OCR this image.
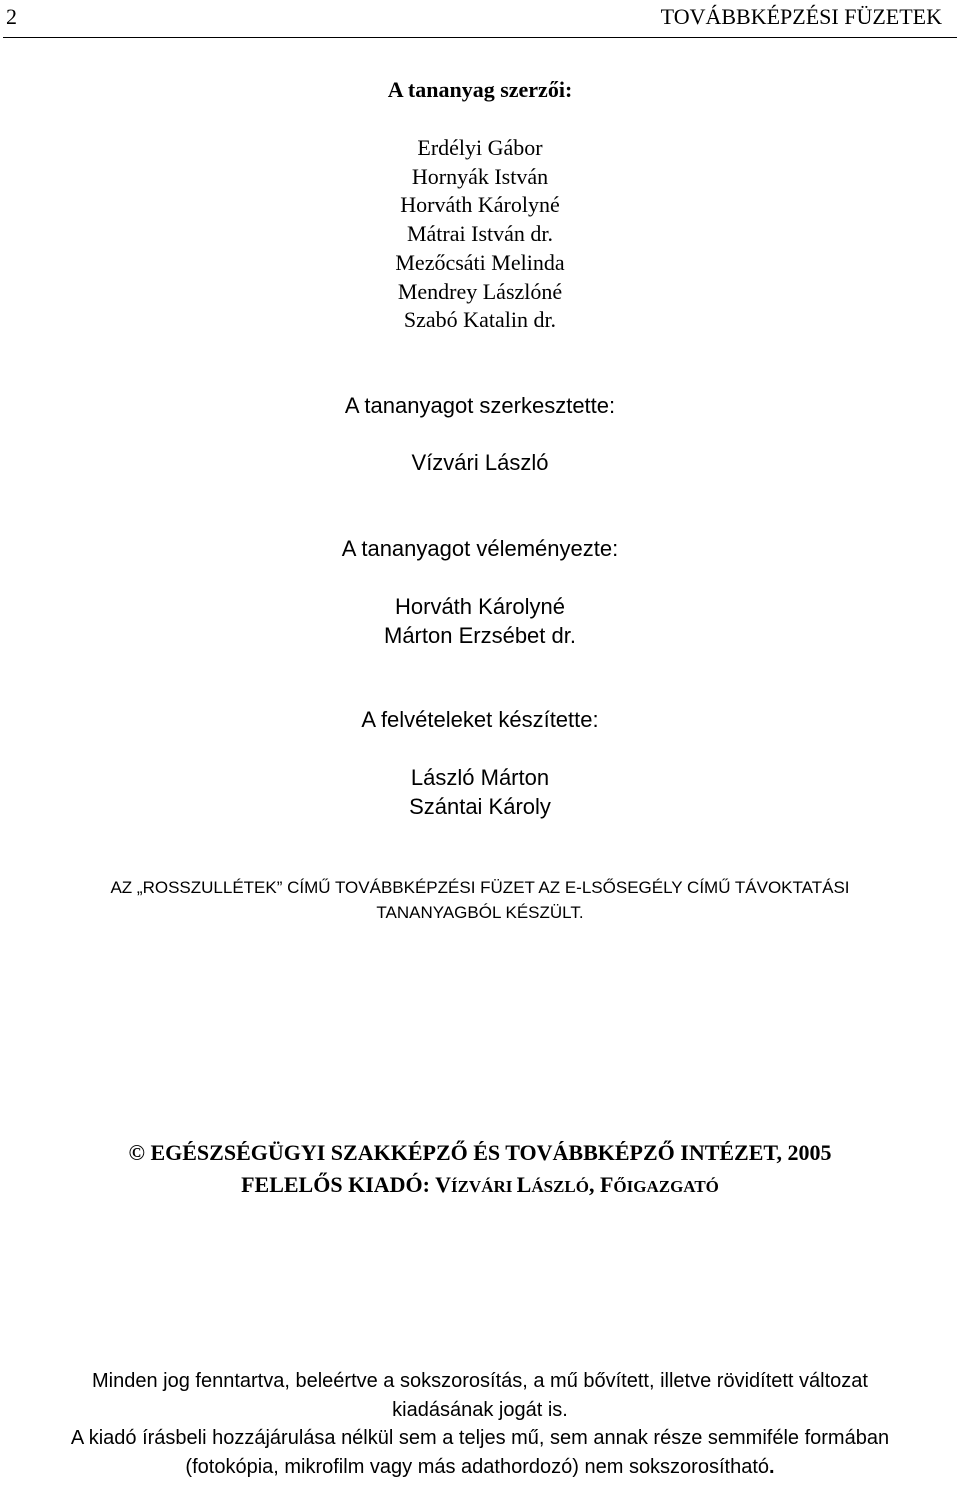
2	TOVÁBBKÉPZÉSI FÜZETEK
A tananyag szerzői:
Erdélyi Gábor
Hornyák István
Horváth Károlyné
Mátrai István dr.
Mezőcsáti Melinda
Mendrey Lászlóné
Szabó Katalin dr.
A tananyagot szerkesztette:
Vízvári László
A tananyagot véleményezte:
Horváth Károlyné
Márton Erzsébet dr.
A felvételeket készítette:
László Márton
Szántai Károly
AZ „ROSSZULLÉTEK” CÍMŰ TOVÁBBKÉPZÉSI FÜZET AZ E-LSŐSEGÉLY CÍMŰ TÁVOKTATÁSI
TANANYAGBÓL KÉSZÜLT.
© EGÉSZSÉGÜGYI SZAKKÉPZŐ ÉS TOVÁBBKÉPZŐ INTÉZET, 2005
FELELŐS KIADÓ: VÍZVÁRI LÁSZLÓ, FŐIGAZGATÓ
Minden jog fenntartva, beleértve a sokszorosítás, a mű bővített, illetve rövidített változat
kiadásának jogát is.
A kiadó írásbeli hozzájárulása nélkül sem a teljes mű, sem annak része semmiféle formában
(fotokópia, mikrofilm vagy más adathordozó) nem sokszorosítható.
